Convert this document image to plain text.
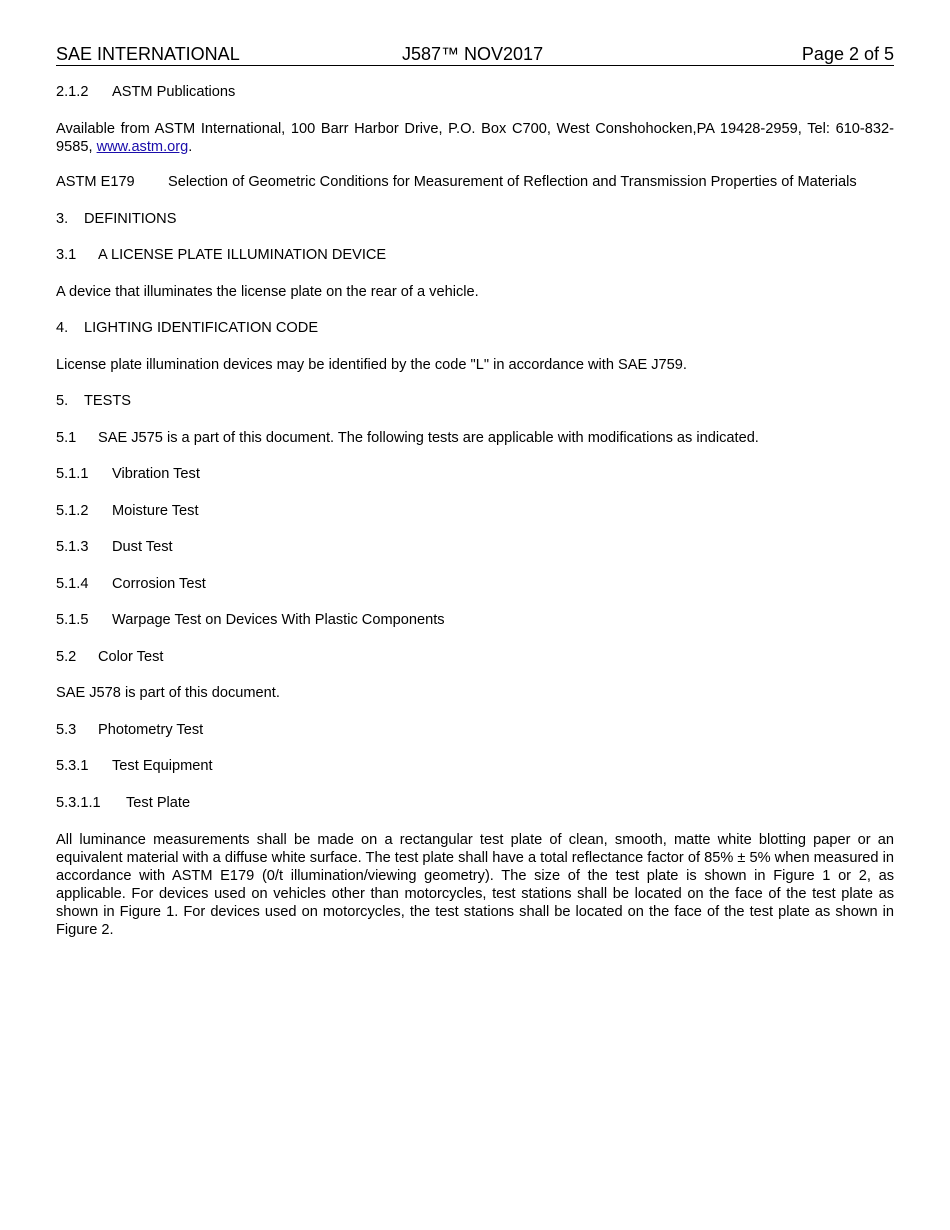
SAE INTERNATIONAL	J587™ NOV2017	Page 2 of 5
2.1.2 ASTM Publications
Available from ASTM International, 100 Barr Harbor Drive, P.O. Box C700, West Conshohocken,PA 19428-2959, Tel: 610-832-9585, www.astm.org.
ASTM E179 Selection of Geometric Conditions for Measurement of Reflection and Transmission Properties of Materials
3. DEFINITIONS
3.1 A LICENSE PLATE ILLUMINATION DEVICE
A device that illuminates the license plate on the rear of a vehicle.
4. LIGHTING IDENTIFICATION CODE
License plate illumination devices may be identified by the code "L" in accordance with SAE J759.
5. TESTS
5.1 SAE J575 is a part of this document. The following tests are applicable with modifications as indicated.
5.1.1 Vibration Test
5.1.2 Moisture Test
5.1.3 Dust Test
5.1.4 Corrosion Test
5.1.5 Warpage Test on Devices With Plastic Components
5.2 Color Test
SAE J578 is part of this document.
5.3 Photometry Test
5.3.1 Test Equipment
5.3.1.1 Test Plate
All luminance measurements shall be made on a rectangular test plate of clean, smooth, matte white blotting paper or an equivalent material with a diffuse white surface. The test plate shall have a total reflectance factor of 85% ± 5% when measured in accordance with ASTM E179 (0/t illumination/viewing geometry). The size of the test plate is shown in Figure 1 or 2, as applicable. For devices used on vehicles other than motorcycles, test stations shall be located on the face of the test plate as shown in Figure 1. For devices used on motorcycles, the test stations shall be located on the face of the test plate as shown in Figure 2.
